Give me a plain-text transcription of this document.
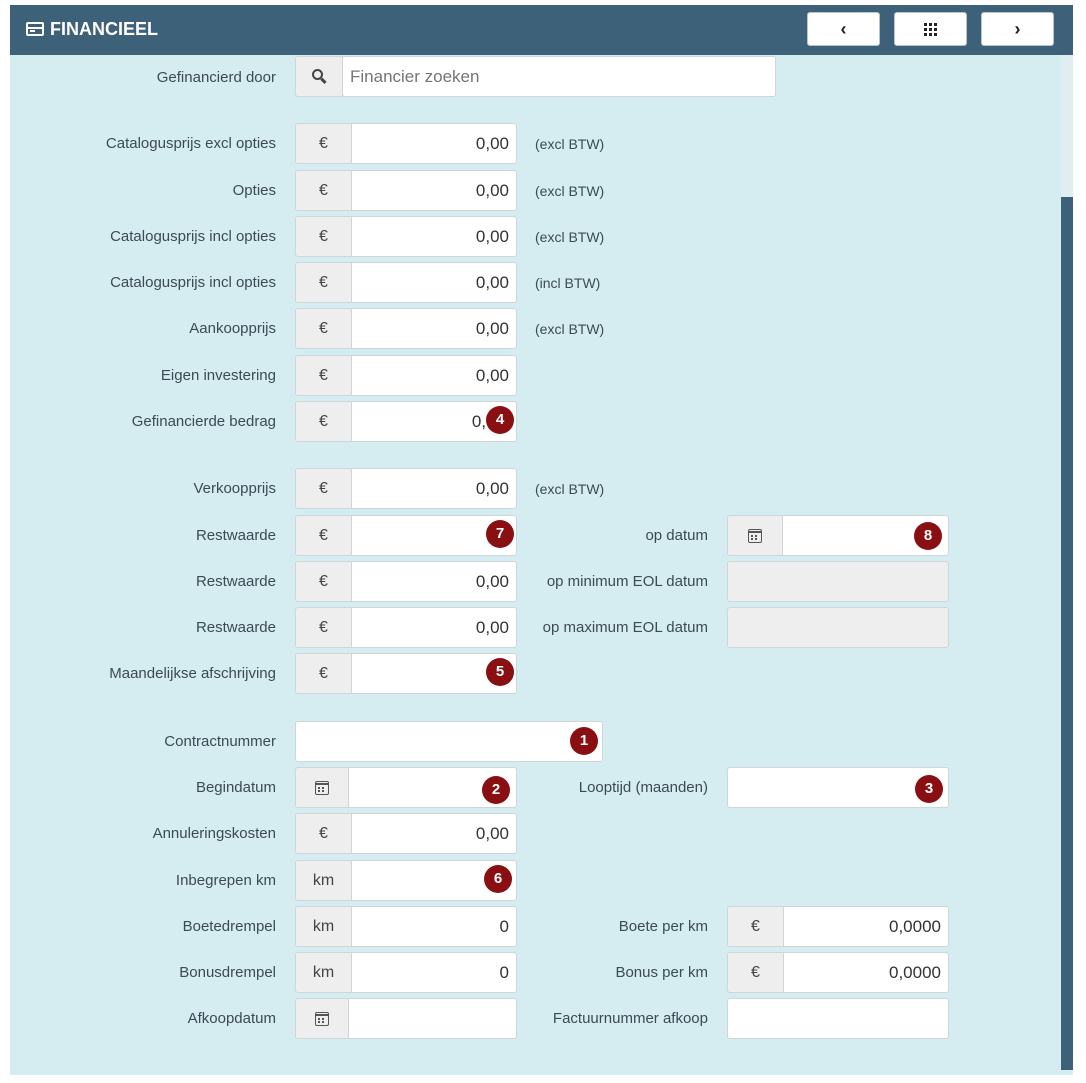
FINANCIEEL	‹	›
Gefinancierd door
Financier zoeken
Catalogusprijs excl opties	€	0,00	(excl BTW)
Opties	€	0,00	(excl BTW)
Catalogusprijs incl opties	€	0,00	(excl BTW)
Catalogusprijs incl opties	€	0,00	(incl BTW)
Aankoopprijs	€	0,00	(excl BTW)
Eigen investering	€	0,00
Gefinancierde bedrag	€	0, 4
Verkoopprijs	€	0,00	(excl BTW)
Restwaarde	€	7	op datum	8
Restwaarde	€	0,00	op minimum EOL datum
Restwaarde	€	0,00	op maximum EOL datum
Maandelijkse afschrijving	€	5
Contractnummer	1
Begindatum	2	Looptijd (maanden)	3
Annuleringskosten	€	0,00
Inbegrepen km	km	6
Boetedrempel	km	0	Boete per km	€	0,0000
Bonusdrempel	km	0	Bonus per km	€	0,0000
Afkoopdatum	Factuurnummer afkoop
